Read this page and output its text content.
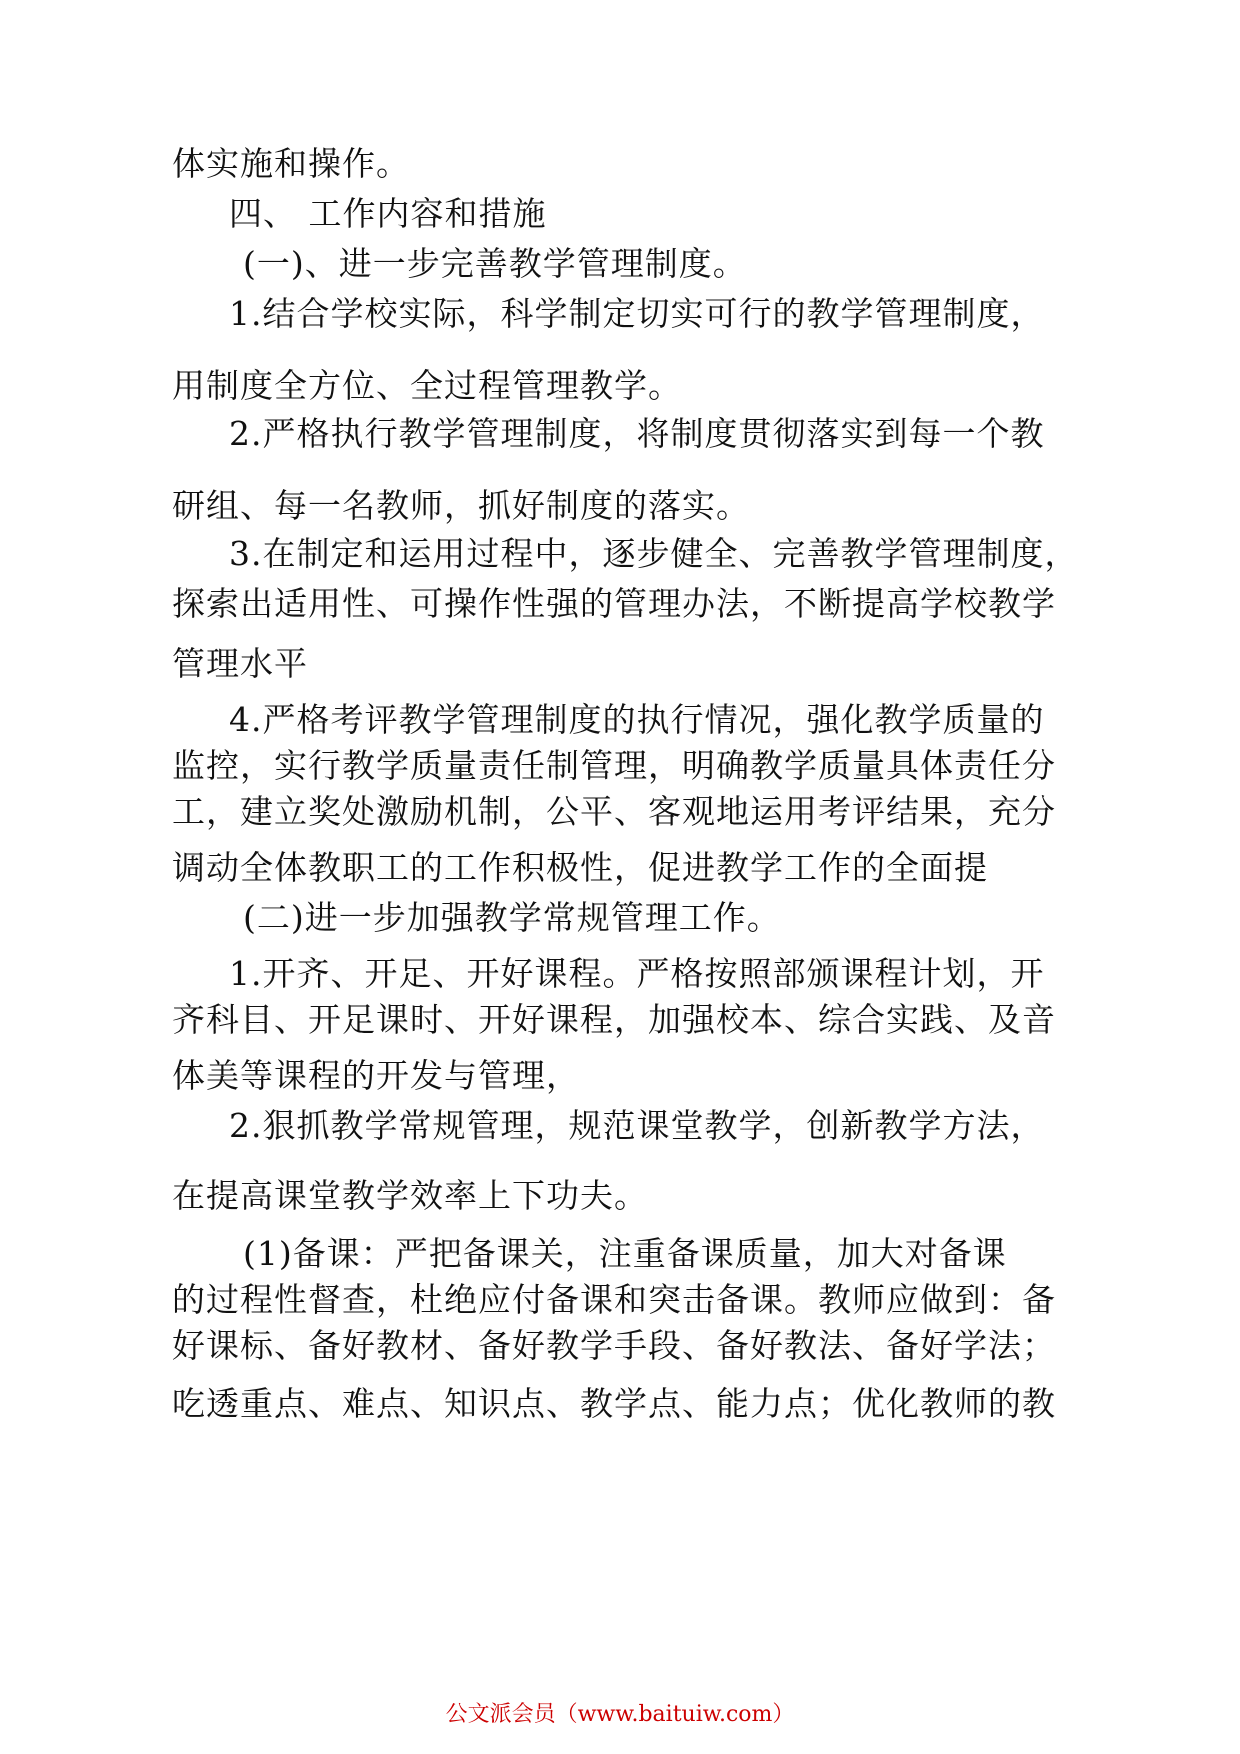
体实施和操作。
四、 工作内容和措施
(一)、进一步完善教学管理制度。
1.结合学校实际，科学制定切实可行的教学管理制度，
用制度全方位、全过程管理教学。
2.严格执行教学管理制度，将制度贯彻落实到每一个教
研组、每一名教师，抓好制度的落实。
3.在制定和运用过程中，逐步健全、完善教学管理制度，
探索出适用性、可操作性强的管理办法，不断提高学校教学
管理水平
4.严格考评教学管理制度的执行情况，强化教学质量的
监控，实行教学质量责任制管理，明确教学质量具体责任分
工，建立奖处激励机制，公平、客观地运用考评结果，充分
调动全体教职工的工作积极性，促进教学工作的全面提
(二)进一步加强教学常规管理工作。
1.开齐、开足、开好课程。严格按照部颁课程计划，开
齐科目、开足课时、开好课程，加强校本、综合实践、及音
体美等课程的开发与管理，
2.狠抓教学常规管理，规范课堂教学，创新教学方法，
在提高课堂教学效率上下功夫。
(1)备课：严把备课关，注重备课质量，加大对备课
的过程性督查，杜绝应付备课和突击备课。教师应做到：备
好课标、备好教材、备好教学手段、备好教法、备好学法；
吃透重点、难点、知识点、教学点、能力点；优化教师的教
公文派会员（www.baituiw.com）
